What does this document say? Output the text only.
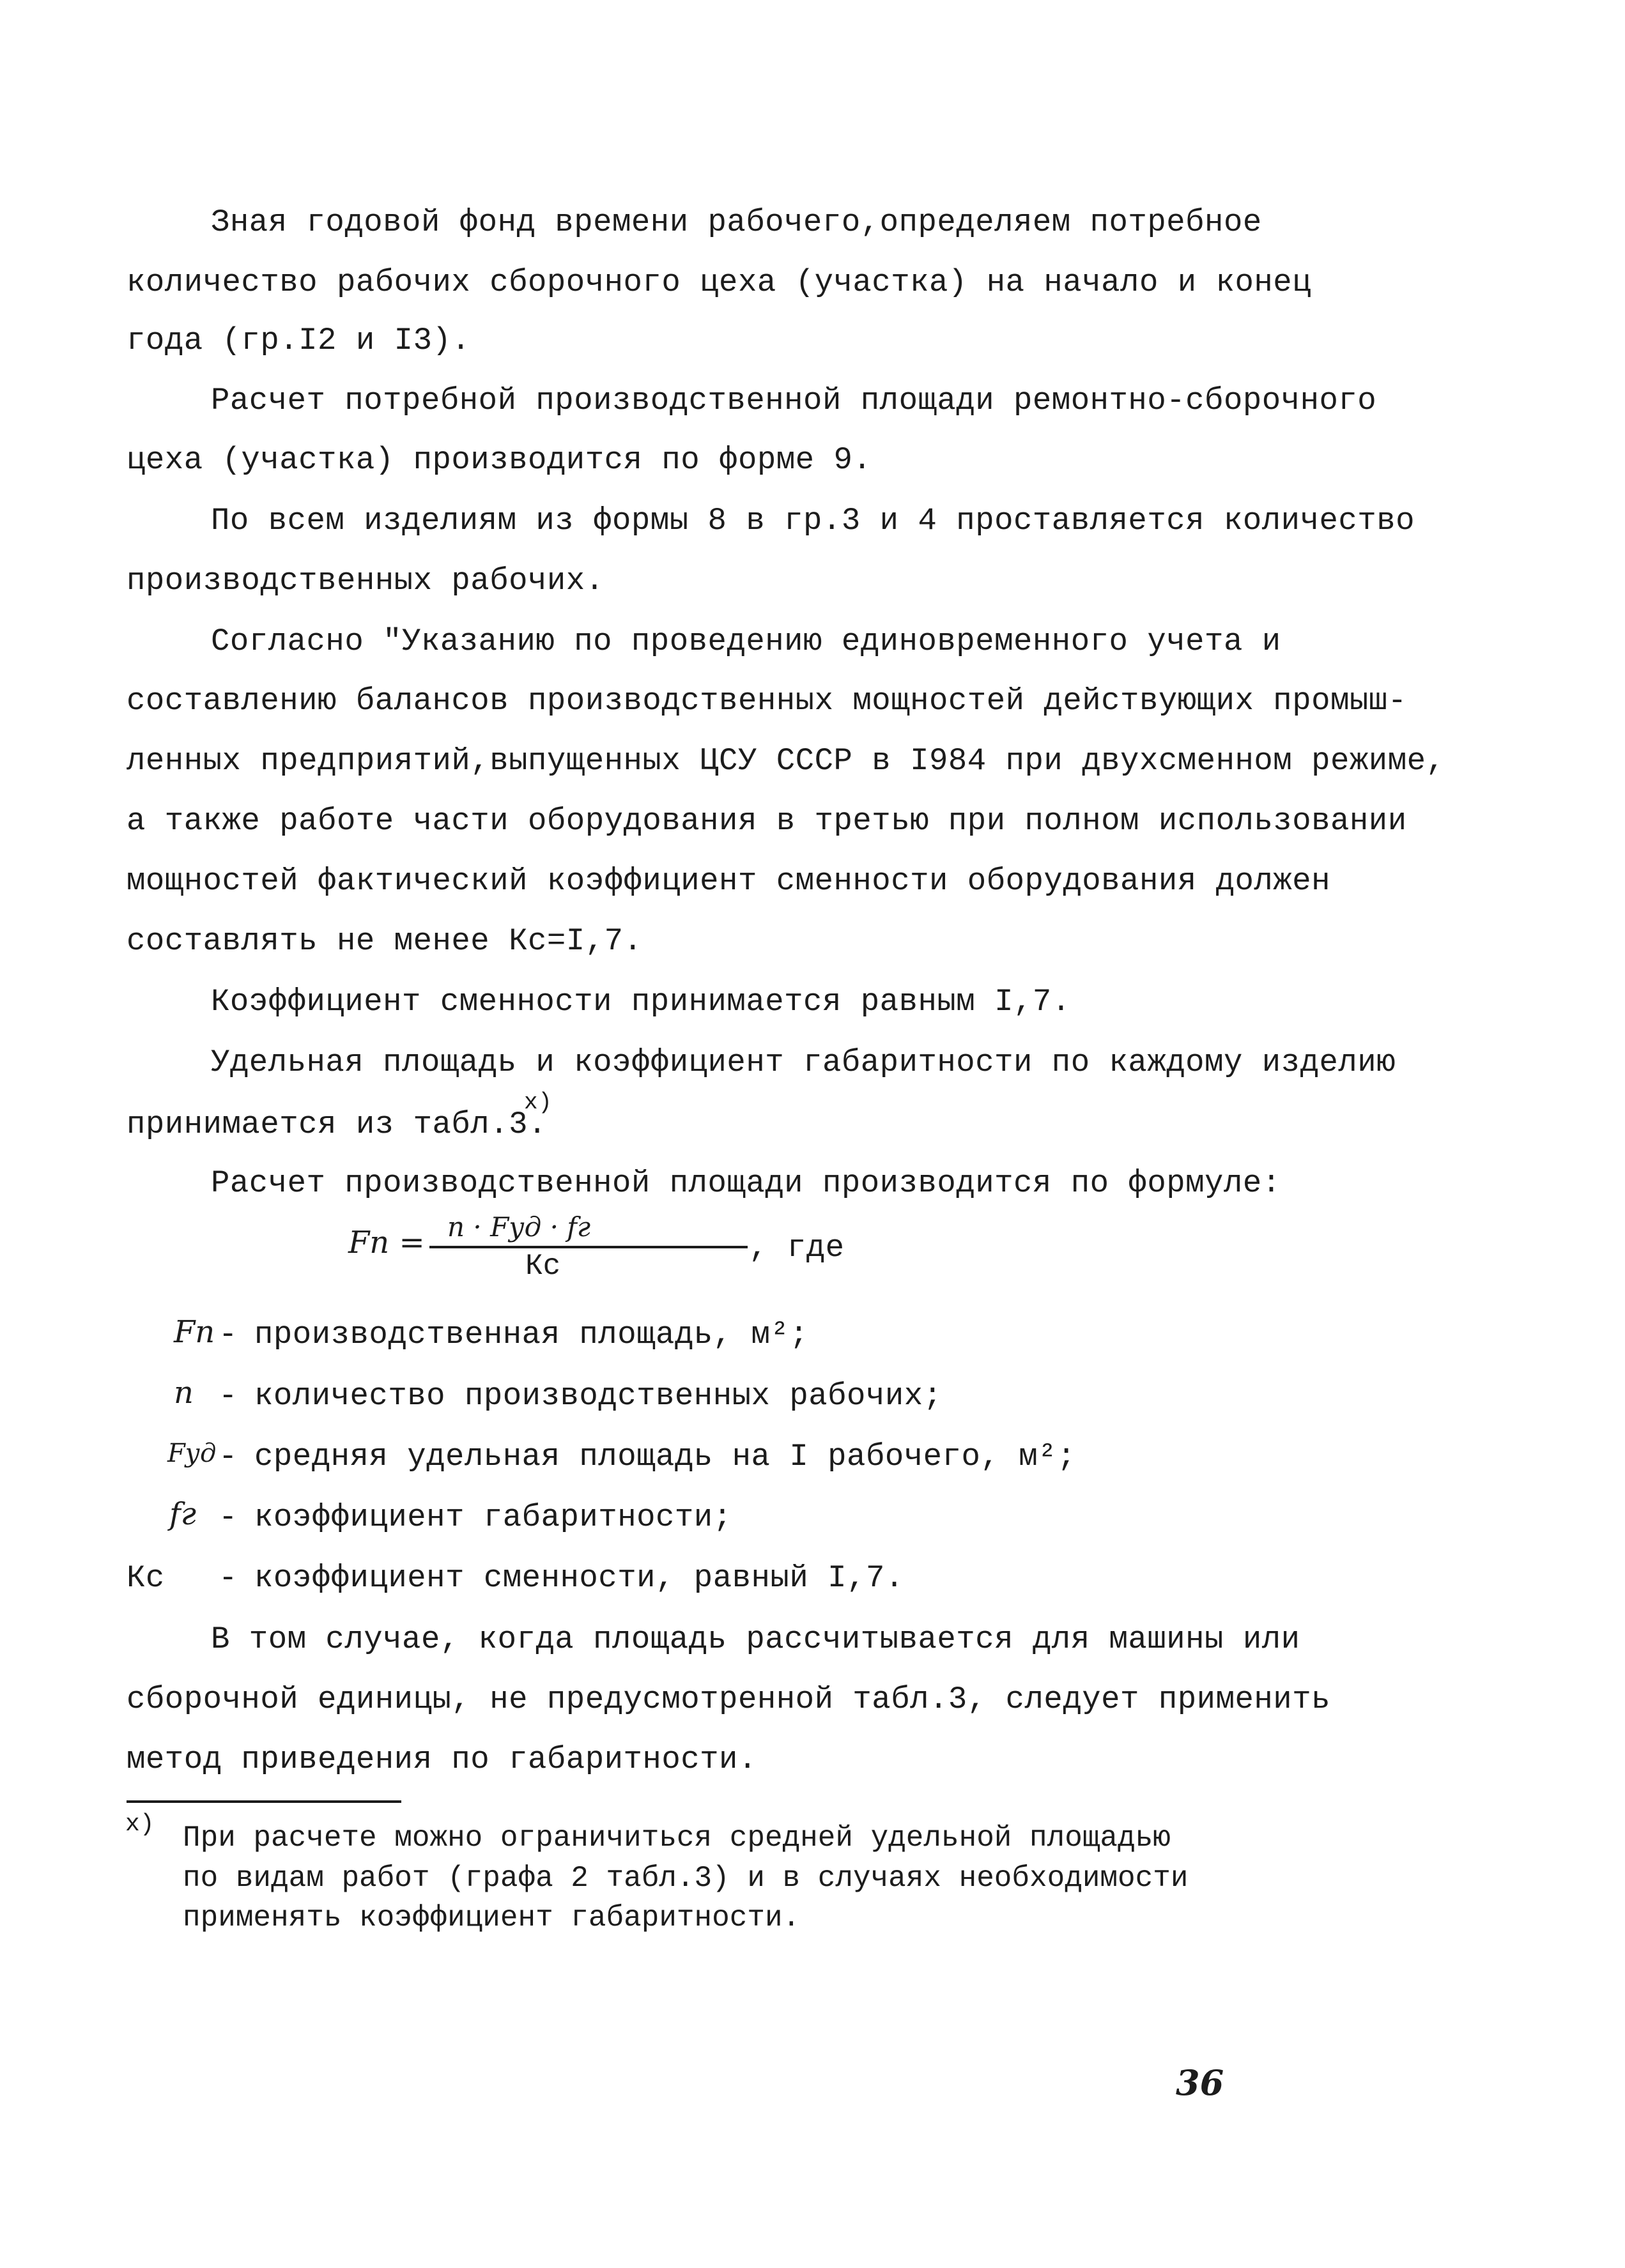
Зная годовой фонд времени рабочего,определяем потребное
количество рабочих сборочного цеха (участка) на начало и конец
года (гр.I2 и I3).
Расчет потребной производственной площади ремонтно-сборочного
цеха (участка) производится по форме 9.
По всем изделиям из формы 8 в гр.3 и 4 проставляется количество
производственных рабочих.
Согласно "Указанию по проведению единовременного учета и
составлению балансов производственных мощностей действующих промыш-
ленных предприятий,выпущенных ЦСУ СССР в I984 при двухсменном режиме,
а также работе части оборудования в третью при полном использовании
мощностей фактический коэффициент сменности оборудования должен
составлять не менее Кс=I,7.
Коэффициент сменности принимается равным I,7.
Удельная площадь и коэффициент габаритности по каждому изделию
принимается из табл.3.
x)
Расчет производственной площади производится по формуле:
Fn = n · Fуд · fг
Кс
, где
Fn - производственная площадь, м²;
n - количество производственных рабочих;
Fуд - средняя удельная площадь на I рабочего, м²;
fг - коэффициент габаритности;
Кс - коэффициент сменности, равный I,7.
В том случае, когда площадь рассчитывается для машины или
сборочной единицы, не предусмотренной табл.3, следует применить
метод приведения по габаритности.
x) При расчете можно ограничиться средней удельной площадью
по видам работ (графа 2 табл.3) и в случаях необходимости
применять коэффициент габаритности.
36
